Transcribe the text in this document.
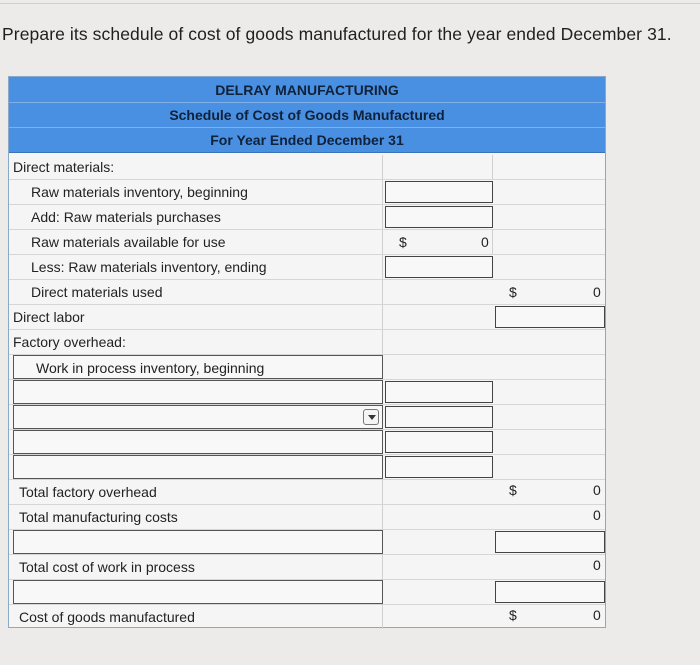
Prepare its schedule of cost of goods manufactured for the year ended December 31.
DELRAY MANUFACTURING
Schedule of Cost of Goods Manufactured
For Year Ended December 31
Direct materials:
Raw materials inventory, beginning
Add: Raw materials purchases
Raw materials available for use	$	0
Less: Raw materials inventory, ending
Direct materials used	$	0
Direct labor
Factory overhead:
Work in process inventory, beginning
Total factory overhead	$	0
Total manufacturing costs	0
Total cost of work in process	0
Cost of goods manufactured	$	0
